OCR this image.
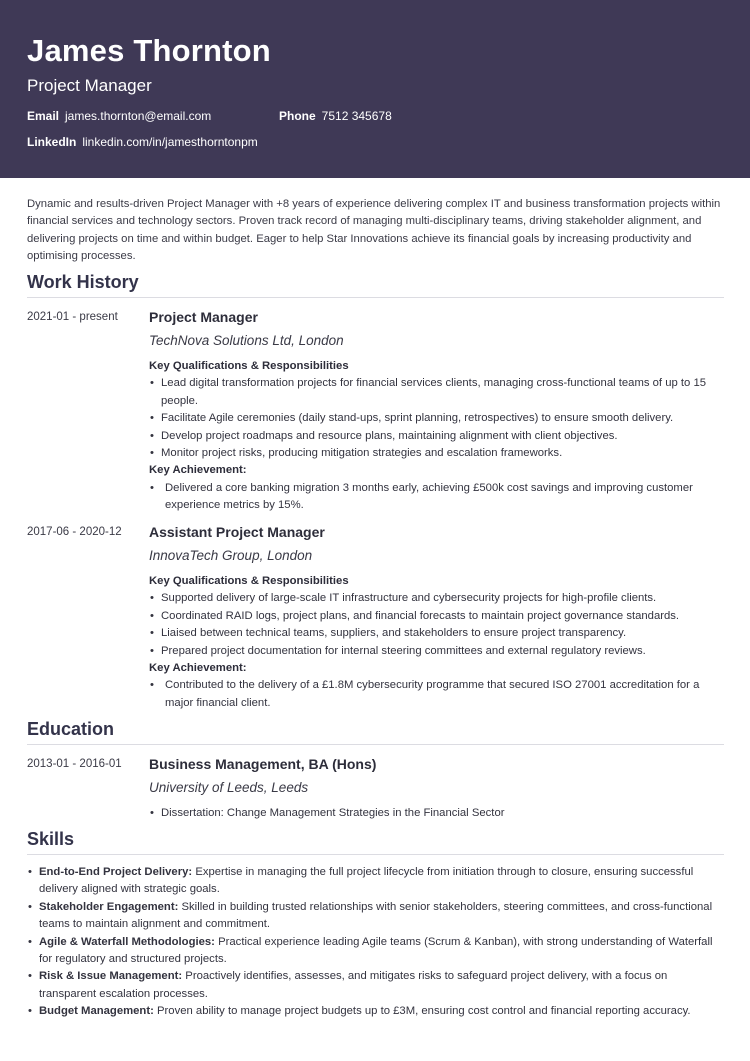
James Thornton
Project Manager
Email james.thornton@email.com	Phone 7512 345678
LinkedIn linkedin.com/in/jamesthorntonpm

Dynamic and results-driven Project Manager with +8 years of experience delivering complex IT and business transformation projects within financial services and technology sectors. Proven track record of managing multi-disciplinary teams, driving stakeholder alignment, and delivering projects on time and within budget. Eager to help Star Innovations achieve its financial goals by increasing productivity and optimising processes.

Work History
2021-01 - present Project Manager
TechNova Solutions Ltd, London
Key Qualifications & Responsibilities
• Lead digital transformation projects for financial services clients, managing cross-functional teams of up to 15 people.
• Facilitate Agile ceremonies (daily stand-ups, sprint planning, retrospectives) to ensure smooth delivery.
• Develop project roadmaps and resource plans, maintaining alignment with client objectives.
• Monitor project risks, producing mitigation strategies and escalation frameworks.
Key Achievement:
• Delivered a core banking migration 3 months early, achieving £500k cost savings and improving customer experience metrics by 15%.
2017-06 - 2020-12 Assistant Project Manager
InnovaTech Group, London
Key Qualifications & Responsibilities
• Supported delivery of large-scale IT infrastructure and cybersecurity projects for high-profile clients.
• Coordinated RAID logs, project plans, and financial forecasts to maintain project governance standards.
• Liaised between technical teams, suppliers, and stakeholders to ensure project transparency.
• Prepared project documentation for internal steering committees and external regulatory reviews.
Key Achievement:
• Contributed to the delivery of a £1.8M cybersecurity programme that secured ISO 27001 accreditation for a major financial client.
Education
2013-01 - 2016-01 Business Management, BA (Hons)
University of Leeds, Leeds
• Dissertation: Change Management Strategies in the Financial Sector
Skills
• End-to-End Project Delivery: Expertise in managing the full project lifecycle from initiation through to closure, ensuring successful delivery aligned with strategic goals.
• Stakeholder Engagement: Skilled in building trusted relationships with senior stakeholders, steering committees, and cross-functional teams to maintain alignment and commitment.
• Agile & Waterfall Methodologies: Practical experience leading Agile teams (Scrum & Kanban), with strong understanding of Waterfall for regulatory and structured projects.
• Risk & Issue Management: Proactively identifies, assesses, and mitigates risks to safeguard project delivery, with a focus on transparent escalation processes.
• Budget Management: Proven ability to manage project budgets up to £3M, ensuring cost control and financial reporting accuracy.
